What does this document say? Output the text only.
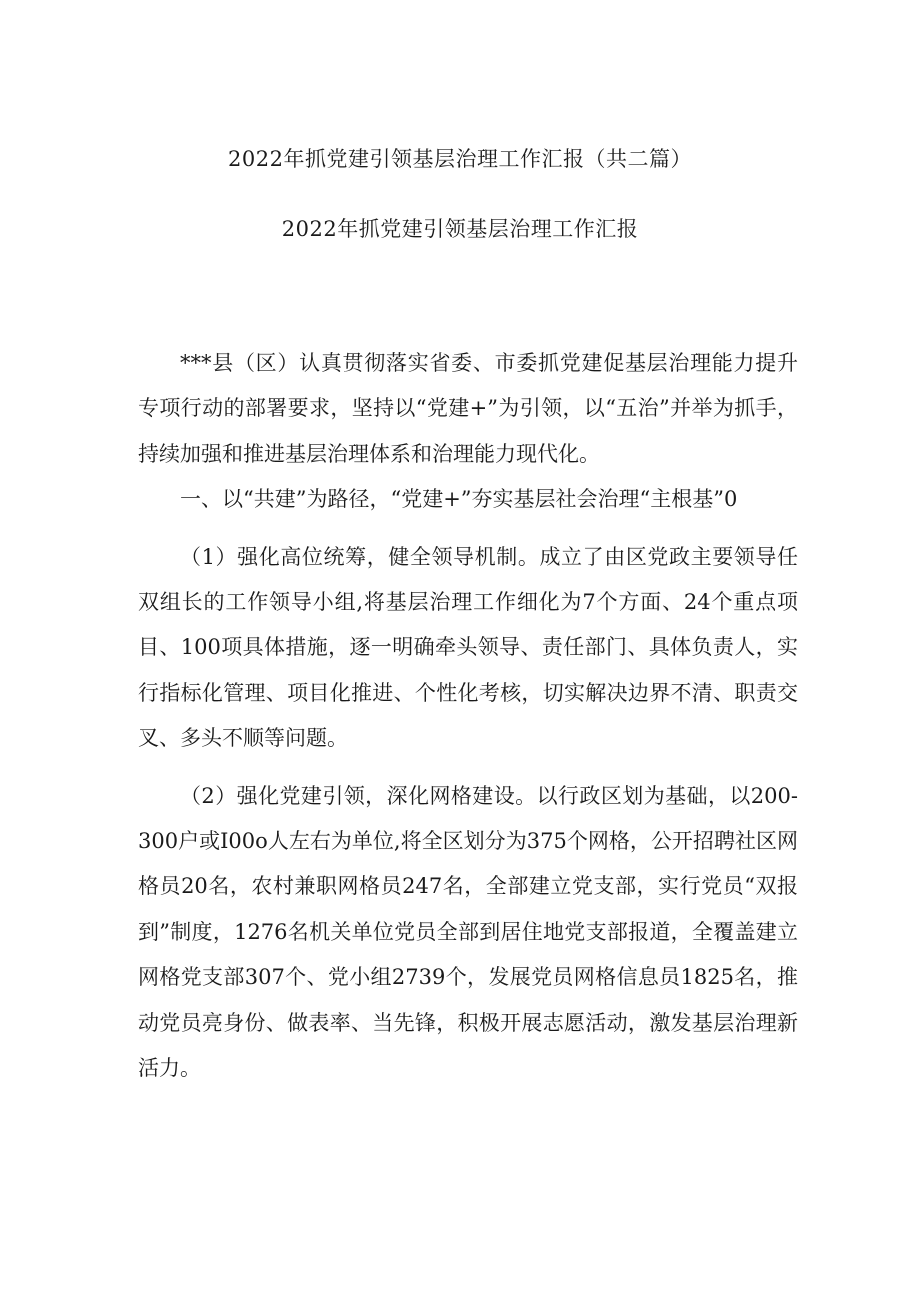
2022年抓党建引领基层治理工作汇报（共二篇）
2022年抓党建引领基层治理工作汇报

***县（区）认真贯彻落实省委、市委抓党建促基层治理能力提升专项行动的部署要求，坚持以“党建+”为引领，以“五治”并举为抓手，持续加强和推进基层治理体系和治理能力现代化。

一、以“共建”为路径，“党建+”夯实基层社会治理“主根基”0

（1）强化高位统筹，健全领导机制。成立了由区党政主要领导任双组长的工作领导小组,将基层治理工作细化为7个方面、24个重点项目、100项具体措施，逐一明确牵头领导、责任部门、具体负责人，实行指标化管理、项目化推进、个性化考核，切实解决边界不清、职责交叉、多头不顺等问题。

（2）强化党建引领，深化网格建设。以行政区划为基础，以200-300户或I00o人左右为单位,将全区划分为375个网格，公开招聘社区网格员20名，农村兼职网格员247名，全部建立党支部，实行党员“双报到”制度，1276名机关单位党员全部到居住地党支部报道，全覆盖建立网格党支部307个、党小组2739个，发展党员网格信息员1825名，推动党员亮身份、做表率、当先锋，积极开展志愿活动，激发基层治理新活力。
